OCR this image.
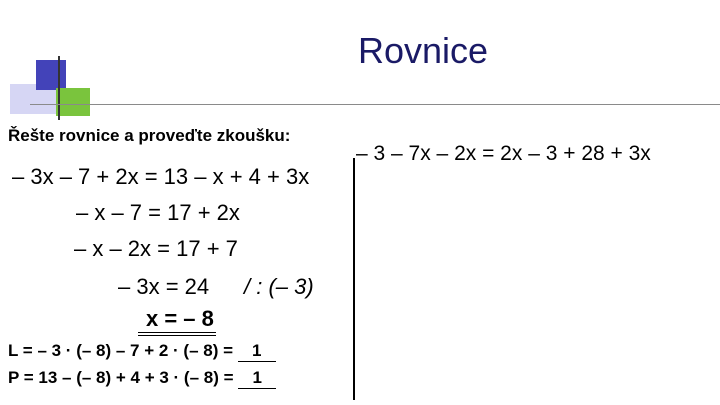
Rovnice
Řešte rovnice a proveďte zkoušku:
– 3x – 7 + 2x = 13 – x + 4 + 3x
– x – 7 = 17 + 2x
– x – 2x = 17 + 7
– 3x = 24 / : (– 3)
x = – 8
L = – 3 · (– 8) – 7 + 2 · (– 8) = 1
P = 13 – (– 8) + 4 + 3 · (– 8) = 1
– 3 – 7x – 2x = 2x – 3 + 28 + 3x
